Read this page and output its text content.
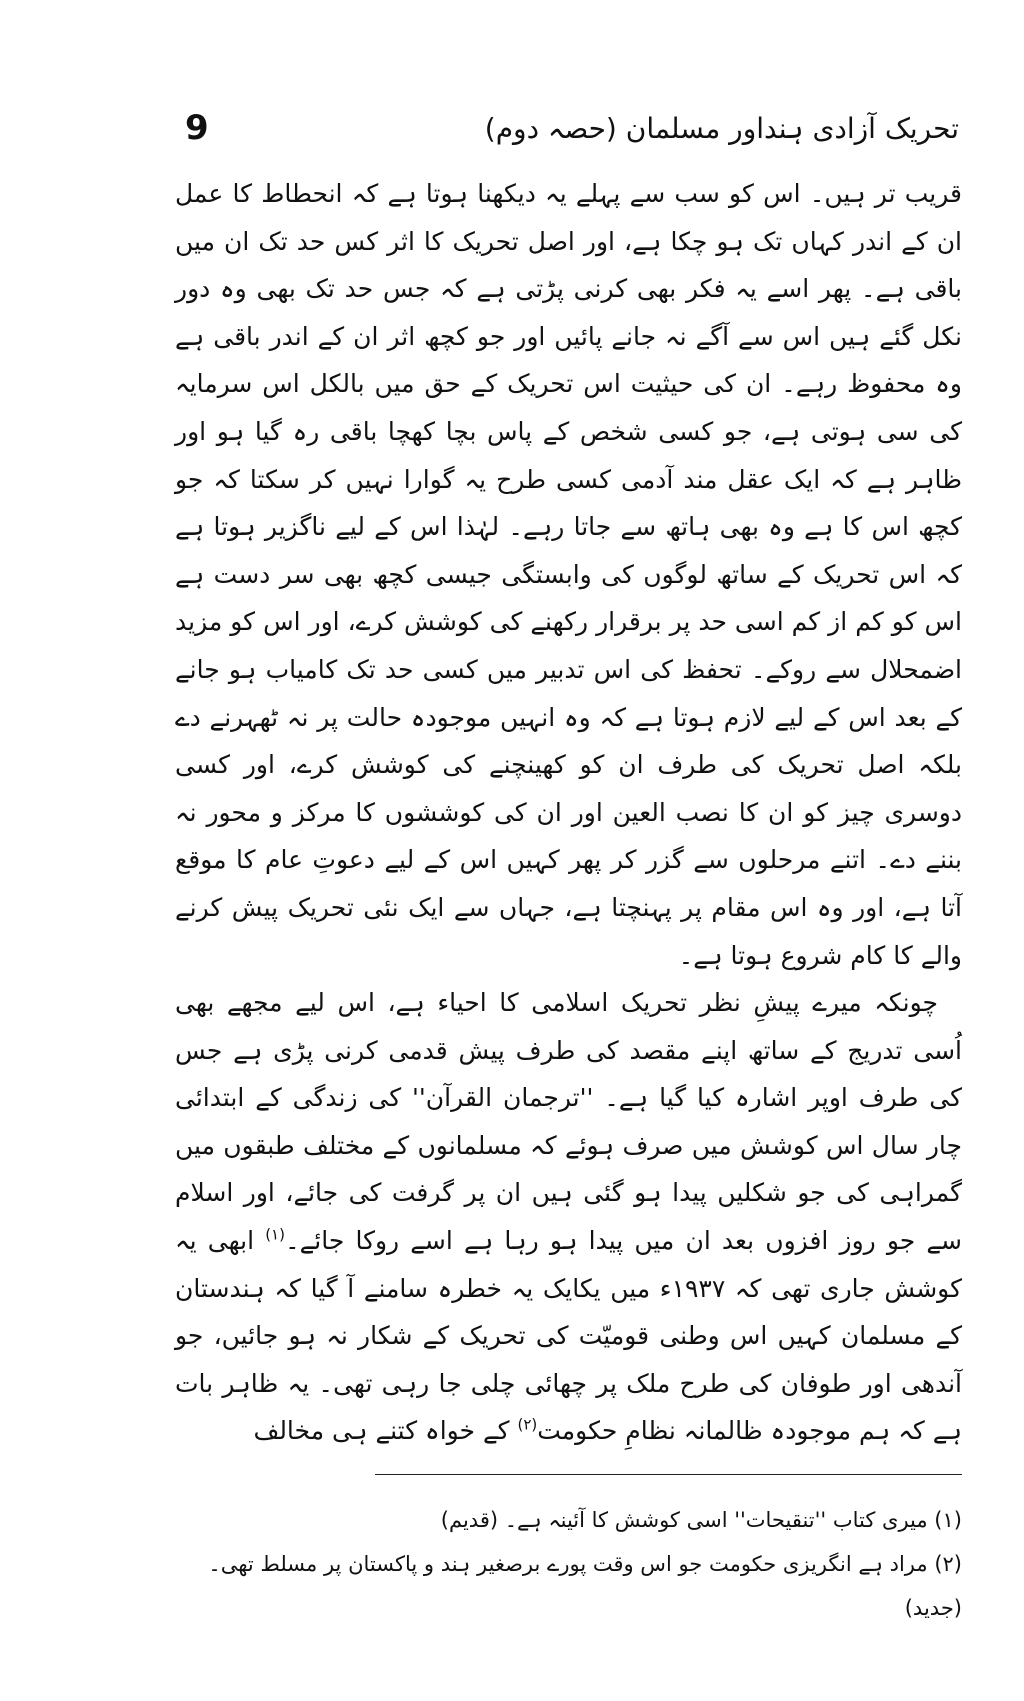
تحریک آزادی ہنداور مسلمان (حصہ دوم)
9

قریب تر ہیں۔ اس کو سب سے پہلے یہ دیکھنا ہوتا ہے کہ انحطاط کا عمل ان کے اندر کہاں تک ہو چکا ہے، اور اصل تحریک کا اثر کس حد تک ان میں باقی ہے۔ پھر اسے یہ فکر بھی کرنی پڑتی ہے کہ جس حد تک بھی وہ دور نکل گئے ہیں اس سے آگے نہ جانے پائیں اور جو کچھ اثر ان کے اندر باقی ہے وہ محفوظ رہے۔ ان کی حیثیت اس تحریک کے حق میں بالکل اس سرمایہ کی سی ہوتی ہے، جو کسی شخص کے پاس بچا کھچا باقی رہ گیا ہو اور ظاہر ہے کہ ایک عقل مند آدمی کسی طرح یہ گوارا نہیں کر سکتا کہ جو کچھ اس کا ہے وہ بھی ہاتھ سے جاتا رہے۔ لہٰذا اس کے لیے ناگزیر ہوتا ہے کہ اس تحریک کے ساتھ لوگوں کی وابستگی جیسی کچھ بھی سر دست ہے اس کو کم از کم اسی حد پر برقرار رکھنے کی کوشش کرے، اور اس کو مزید اضمحلال سے روکے۔ تحفظ کی اس تدبیر میں کسی حد تک کامیاب ہو جانے کے بعد اس کے لیے لازم ہوتا ہے کہ وہ انہیں موجودہ حالت پر نہ ٹھہرنے دے بلکہ اصل تحریک کی طرف ان کو کھینچنے کی کوشش کرے، اور کسی دوسری چیز کو ان کا نصب العین اور ان کی کوششوں کا مرکز و محور نہ بننے دے۔ اتنے مرحلوں سے گزر کر پھر کہیں اس کے لیے دعوتِ عام کا موقع آتا ہے، اور وہ اس مقام پر پہنچتا ہے، جہاں سے ایک نئی تحریک پیش کرنے والے کا کام شروع ہوتا ہے۔

چونکہ میرے پیشِ نظر تحریک اسلامی کا احیاء ہے، اس لیے مجھے بھی اُسی تدریج کے ساتھ اپنے مقصد کی طرف پیش قدمی کرنی پڑی ہے جس کی طرف اوپر اشارہ کیا گیا ہے۔ ''ترجمان القرآن'' کی زندگی کے ابتدائی چار سال اس کوشش میں صرف ہوئے کہ مسلمانوں کے مختلف طبقوں میں گمراہی کی جو شکلیں پیدا ہو گئی ہیں ان پر گرفت کی جائے، اور اسلام سے جو روز افزوں بعد ان میں پیدا ہو رہا ہے اسے روکا جائے۔$^{(۱)}$ ابھی یہ کوشش جاری تھی کہ ۱۹۳۷ء میں یکایک یہ خطرہ سامنے آ گیا کہ ہندستان کے مسلمان کہیں اس وطنی قومیّت کی تحریک کے شکار نہ ہو جائیں، جو آندھی اور طوفان کی طرح ملک پر چھائی چلی جا رہی تھی۔ یہ ظاہر بات ہے کہ ہم موجودہ ظالمانہ نظامِ حکومت$^{(۲)}$ کے خواہ کتنے ہی مخالف

(۱) میری کتاب ''تنقیحات'' اسی کوشش کا آئینہ ہے۔ (قدیم)

(۲) مراد ہے انگریزی حکومت جو اس وقت پورے برصغیر ہند و پاکستان پر مسلط تھی۔ (جدید)
